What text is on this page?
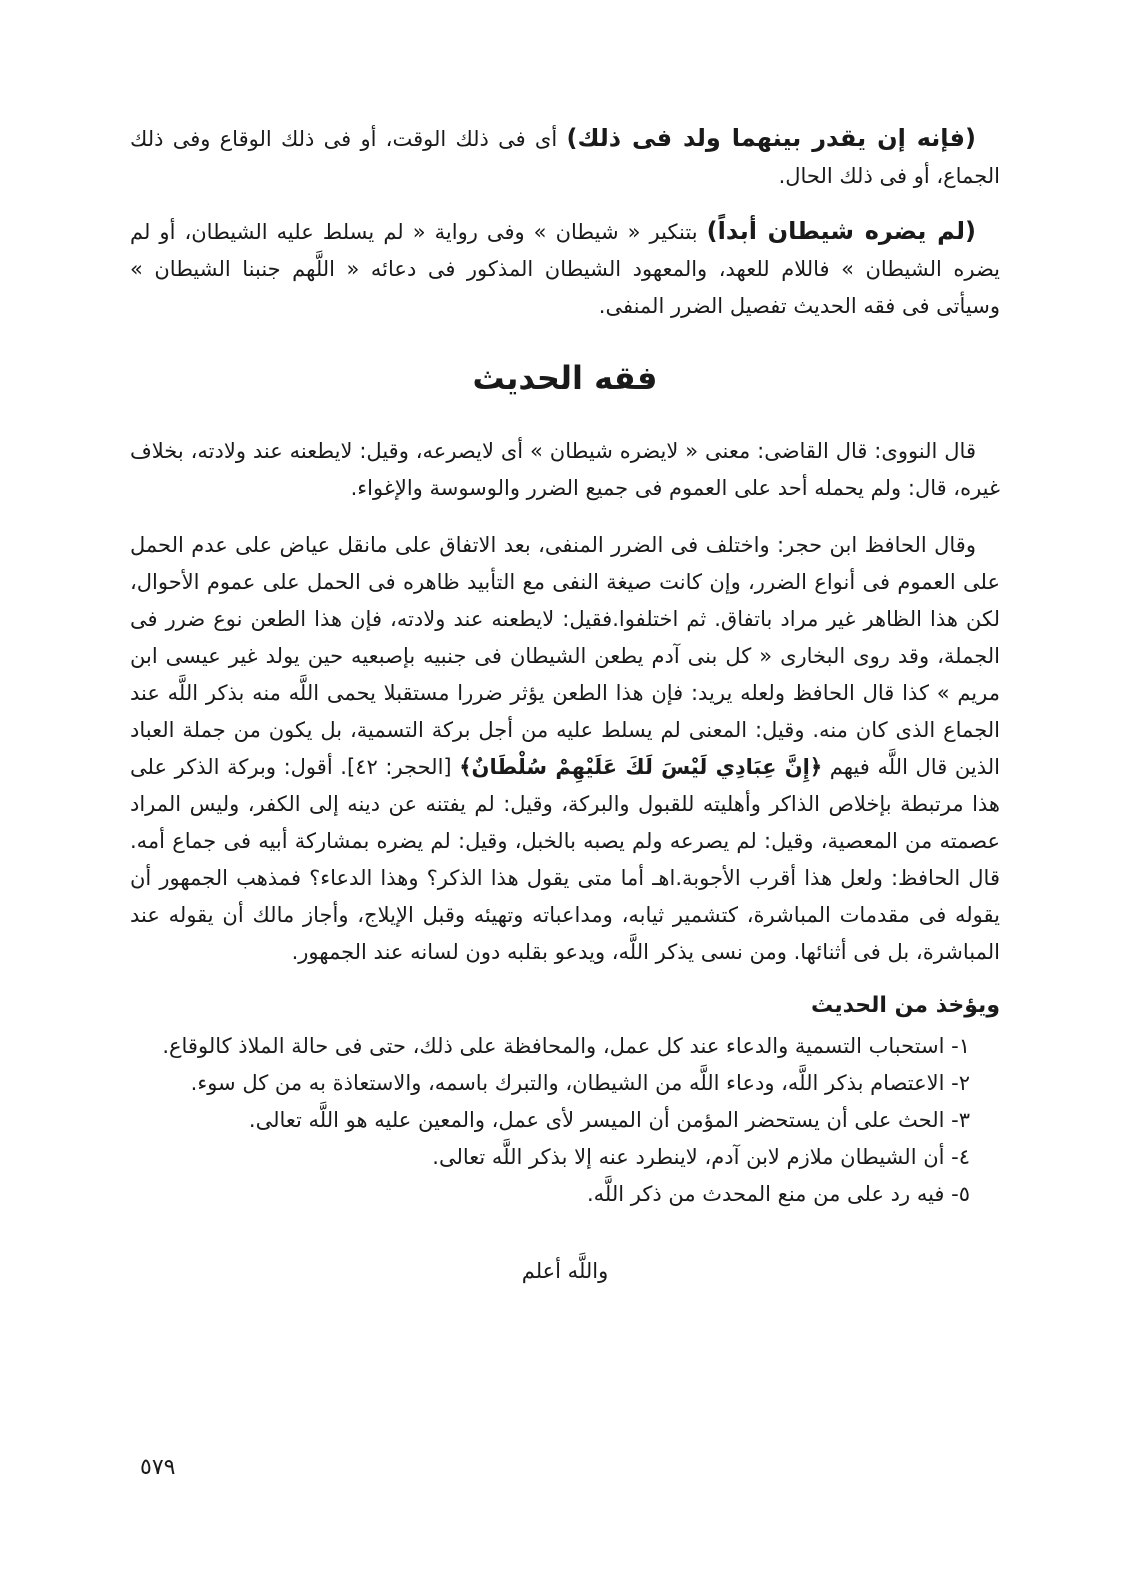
(فإنه إن يقدر بينهما ولد فى ذلك) أى فى ذلك الوقت، أو فى ذلك الوقاع وفى ذلك الجماع، أو فى ذلك الحال.

(لم يضره شيطان أبداً) بتنكير « شيطان » وفى رواية « لم يسلط عليه الشيطان، أو لم يضره الشيطان » فاللام للعهد، والمعهود الشيطان المذكور فى دعائه « اللَّهم جنبنا الشيطان » وسيأتى فى فقه الحديث تفصيل الضرر المنفى.

فقه الحديث

قال النووى: قال القاضى: معنى « لايضره شيطان » أى لايصرعه، وقيل: لايطعنه عند ولادته، بخلاف غيره، قال: ولم يحمله أحد على العموم فى جميع الضرر والوسوسة والإغواء.

وقال الحافظ ابن حجر: واختلف فى الضرر المنفى، بعد الاتفاق على مانقل عياض على عدم الحمل على العموم فى أنواع الضرر، وإن كانت صيغة النفى مع التأبيد ظاهره فى الحمل على عموم الأحوال، لكن هذا الظاهر غير مراد باتفاق. ثم اختلفوا.فقيل: لايطعنه عند ولادته، فإن هذا الطعن نوع ضرر فى الجملة، وقد روى البخارى « كل بنى آدم يطعن الشيطان فى جنبيه بإصبعيه حين يولد غير عيسى ابن مريم » كذا قال الحافظ ولعله يريد: فإن هذا الطعن يؤثر ضررا مستقبلا يحمى اللَّه منه بذكر اللَّه عند الجماع الذى كان منه. وقيل: المعنى لم يسلط عليه من أجل بركة التسمية، بل يكون من جملة العباد الذين قال اللَّه فيهم ﴿إِنَّ عِبَادِي لَيْسَ لَكَ عَلَيْهِمْ سُلْطَانٌ﴾ [الحجر: ٤٢]. أقول: وبركة الذكر على هذا مرتبطة بإخلاص الذاكر وأهليته للقبول والبركة، وقيل: لم يفتنه عن دينه إلى الكفر، وليس المراد عصمته من المعصية، وقيل: لم يصرعه ولم يصبه بالخبل، وقيل: لم يضره بمشاركة أبيه فى جماع أمه. قال الحافظ: ولعل هذا أقرب الأجوبة.اهـ أما متى يقول هذا الذكر؟ وهذا الدعاء؟ فمذهب الجمهور أن يقوله فى مقدمات المباشرة، كتشمير ثيابه، ومداعباته وتهيئه وقبل الإيلاج، وأجاز مالك أن يقوله عند المباشرة، بل فى أثنائها. ومن نسى يذكر اللَّه، ويدعو بقلبه دون لسانه عند الجمهور.

ويؤخذ من الحديث
١- استحباب التسمية والدعاء عند كل عمل، والمحافظة على ذلك، حتى فى حالة الملاذ كالوقاع.
٢- الاعتصام بذكر اللَّه، ودعاء اللَّه من الشيطان، والتبرك باسمه، والاستعاذة به من كل سوء.
٣- الحث على أن يستحضر المؤمن أن الميسر لأى عمل، والمعين عليه هو اللَّه تعالى.
٤- أن الشيطان ملازم لابن آدم، لاينطرد عنه إلا بذكر اللَّه تعالى.
٥- فيه رد على من منع المحدث من ذكر اللَّه.
واللَّه أعلم
٥٧٩
